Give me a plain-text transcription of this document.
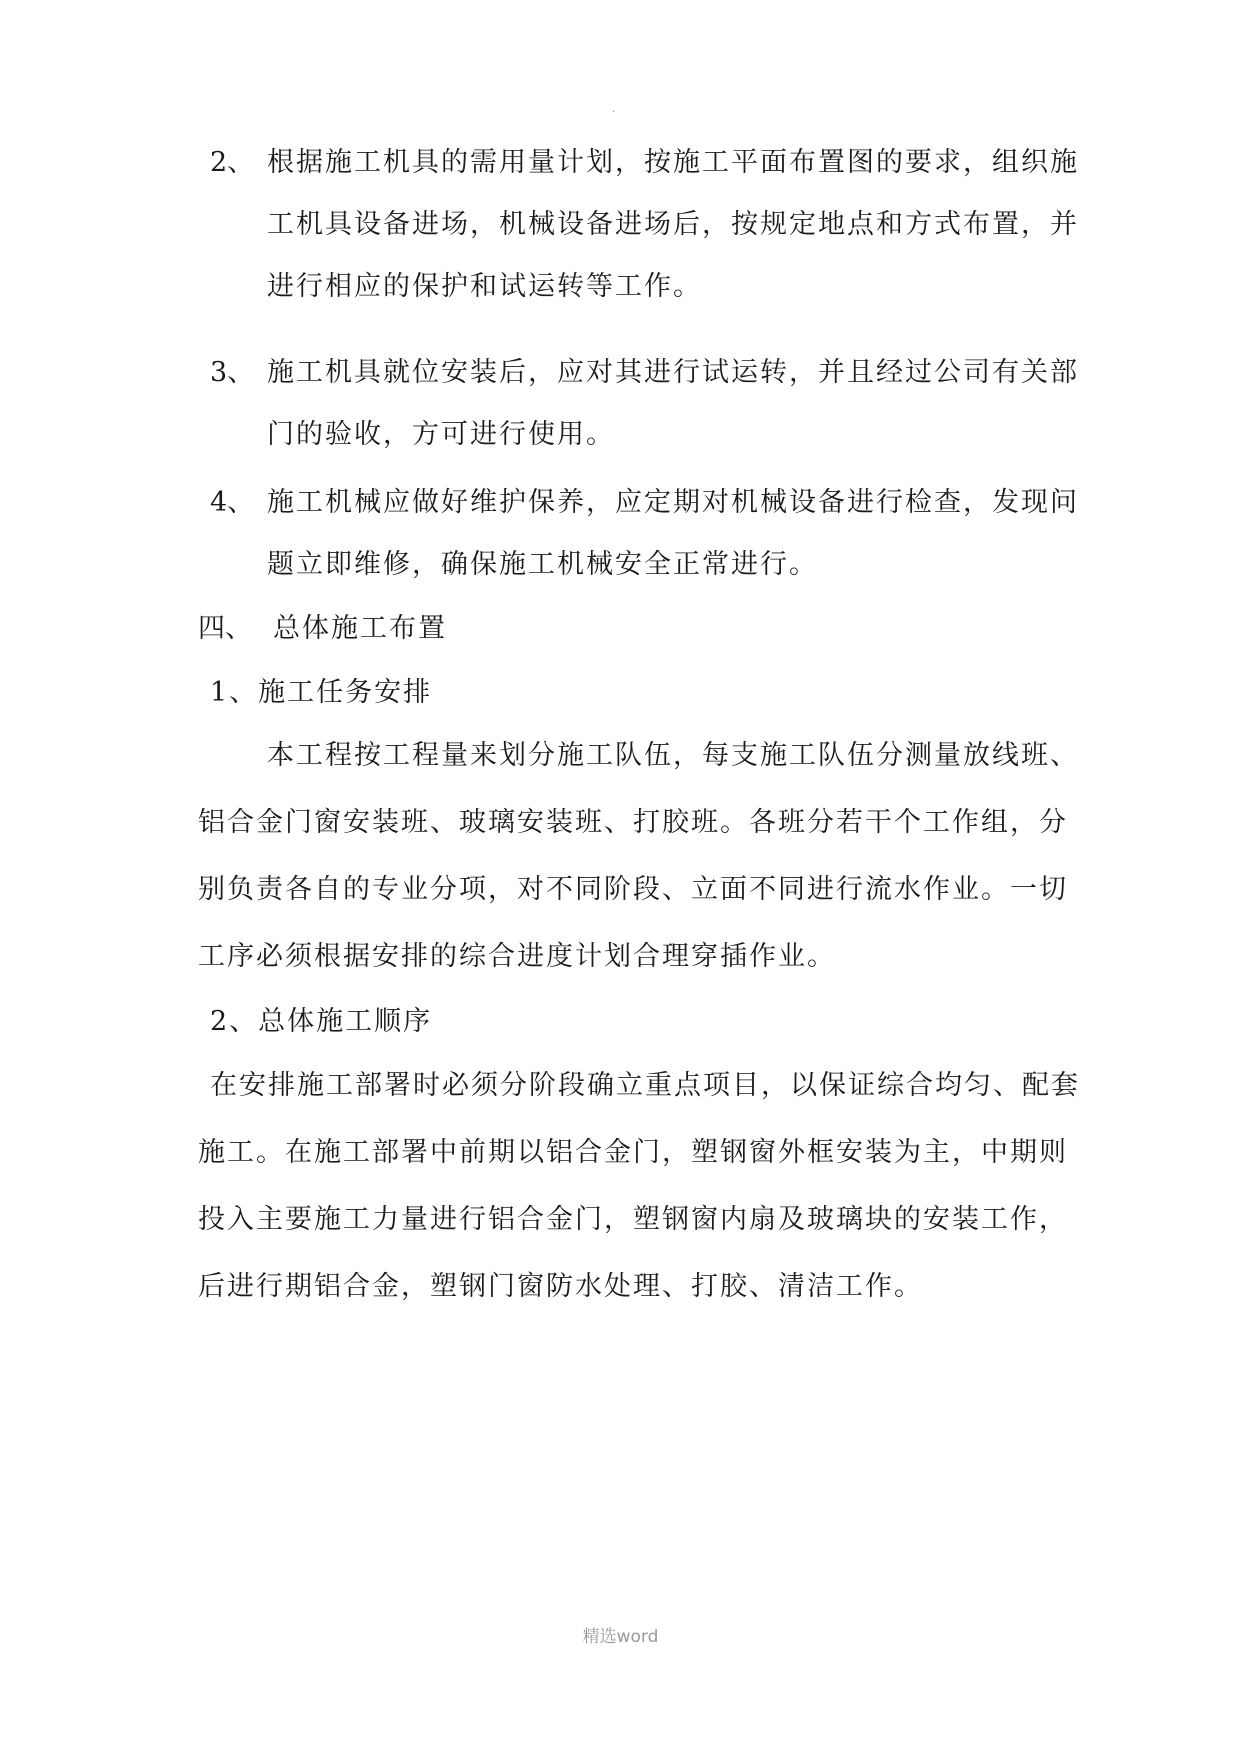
.
2、 根据施工机具的需用量计划，按施工平面布置图的要求，组织施
工机具设备进场，机械设备进场后，按规定地点和方式布置，并
进行相应的保护和试运转等工作。
3、 施工机具就位安装后，应对其进行试运转，并且经过公司有关部
门的验收，方可进行使用。
4、 施工机械应做好维护保养，应定期对机械设备进行检查，发现问
题立即维修，确保施工机械安全正常进行。
四、 总体施工布置
1、施工任务安排
本工程按工程量来划分施工队伍，每支施工队伍分测量放线班、
铝合金门窗安装班、玻璃安装班、打胶班。各班分若干个工作组，分
别负责各自的专业分项，对不同阶段、立面不同进行流水作业。一切
工序必须根据安排的综合进度计划合理穿插作业。
2、总体施工顺序
在安排施工部署时必须分阶段确立重点项目，以保证综合均匀、配套
施工。在施工部署中前期以铝合金门，塑钢窗外框安装为主，中期则
投入主要施工力量进行铝合金门，塑钢窗内扇及玻璃块的安装工作，
后进行期铝合金，塑钢门窗防水处理、打胶、清洁工作。
精选word
